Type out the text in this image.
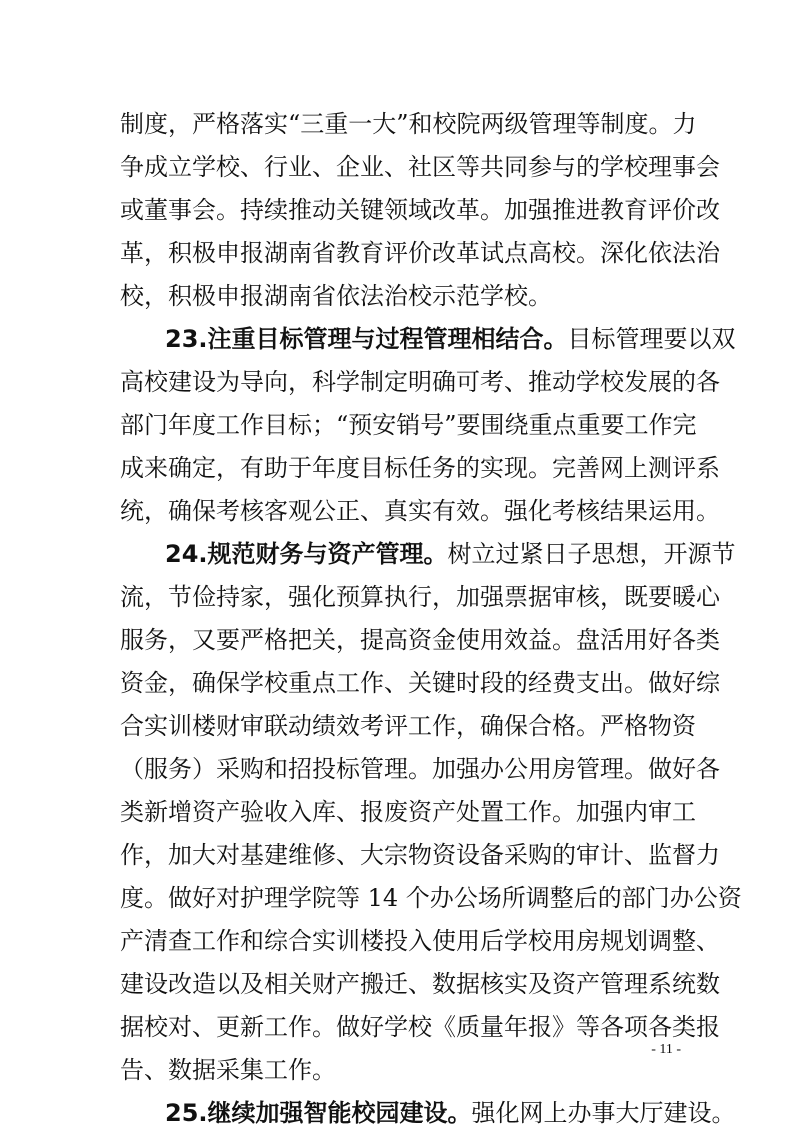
制度，严格落实“三重一大”和校院两级管理等制度。力
争成立学校、行业、企业、社区等共同参与的学校理事会
或董事会。持续推动关键领域改革。加强推进教育评价改
革，积极申报湖南省教育评价改革试点高校。深化依法治
校，积极申报湖南省依法治校示范学校。
23.注重目标管理与过程管理相结合。目标管理要以双
高校建设为导向，科学制定明确可考、推动学校发展的各
部门年度工作目标；“预安销号”要围绕重点重要工作完
成来确定，有助于年度目标任务的实现。完善网上测评系
统，确保考核客观公正、真实有效。强化考核结果运用。
24.规范财务与资产管理。树立过紧日子思想，开源节
流，节俭持家，强化预算执行，加强票据审核，既要暖心
服务，又要严格把关，提高资金使用效益。盘活用好各类
资金，确保学校重点工作、关键时段的经费支出。做好综
合实训楼财审联动绩效考评工作，确保合格。严格物资
（服务）采购和招投标管理。加强办公用房管理。做好各
类新增资产验收入库、报废资产处置工作。加强内审工
作，加大对基建维修、大宗物资设备采购的审计、监督力
度。做好对护理学院等 14 个办公场所调整后的部门办公资
产清查工作和综合实训楼投入使用后学校用房规划调整、
建设改造以及相关财产搬迁、数据核实及资产管理系统数
据校对、更新工作。做好学校《质量年报》等各项各类报
告、数据采集工作。
25.继续加强智能校园建设。强化网上办事大厅建设。
- 11 -
